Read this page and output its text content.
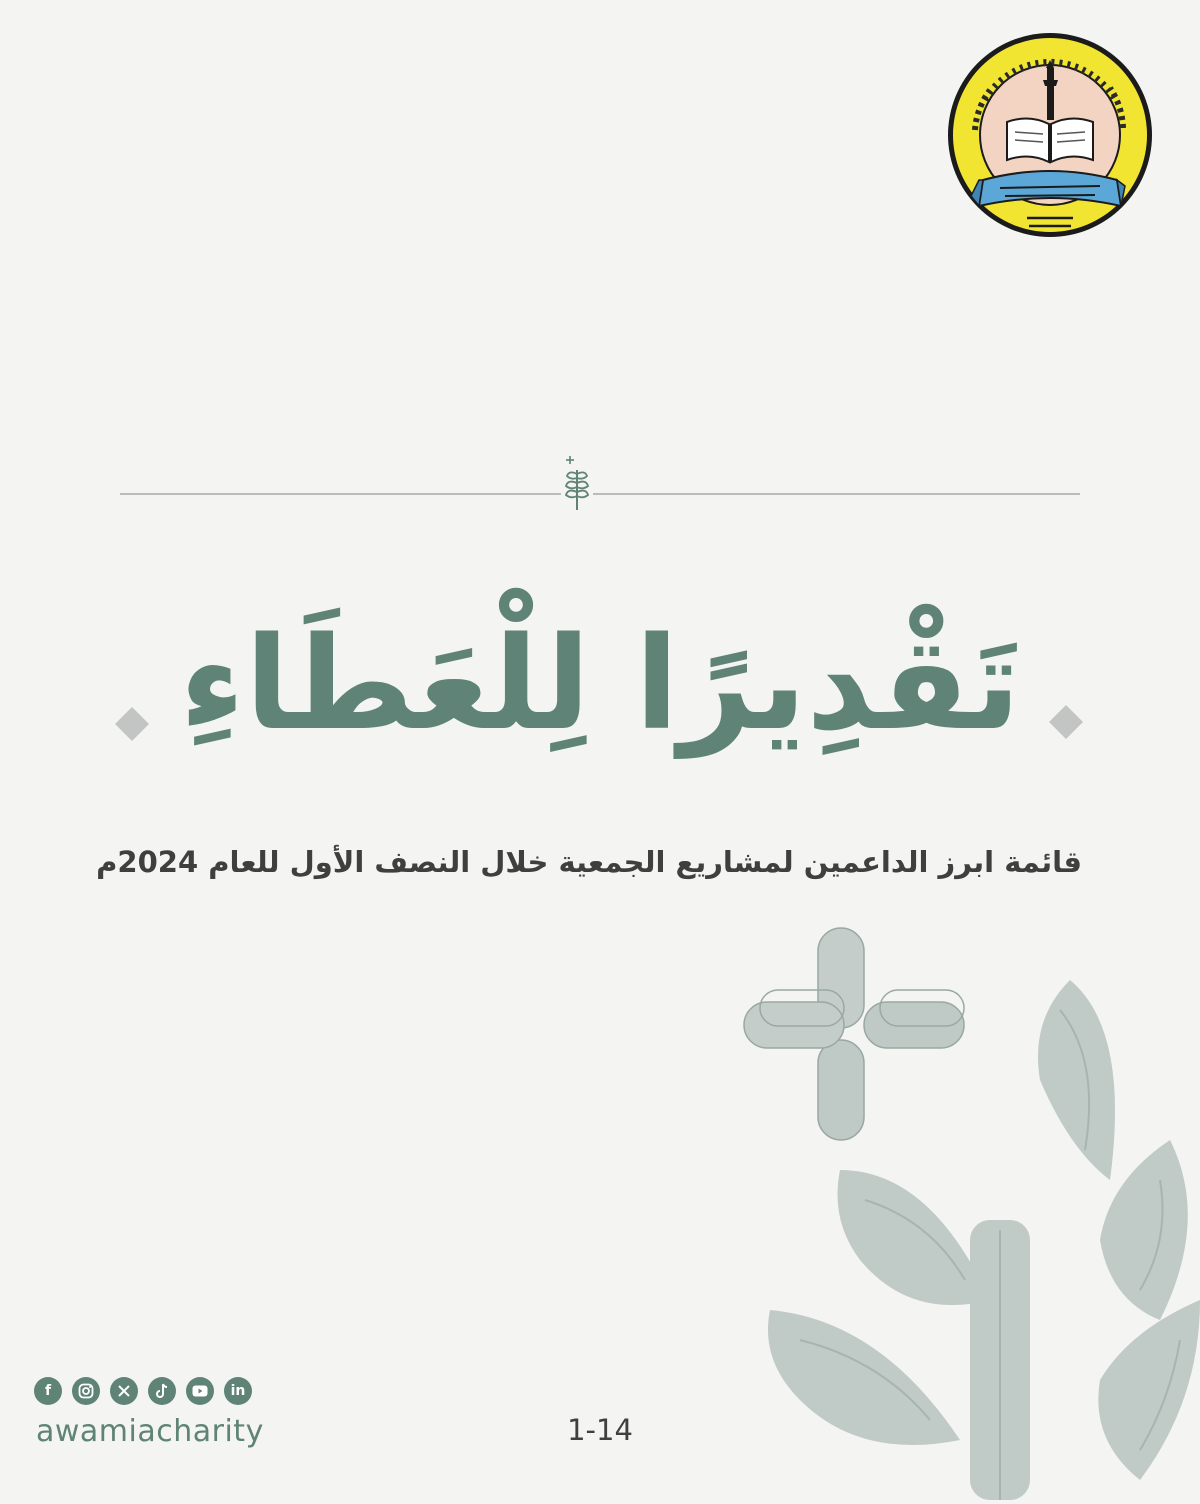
تَقْدِيرًا لِلْعَطَاءِ
قائمة ابرز الداعمين لمشاريع الجمعية خلال النصف الأول للعام 2024م
f	in
awamiacharity	1-14
